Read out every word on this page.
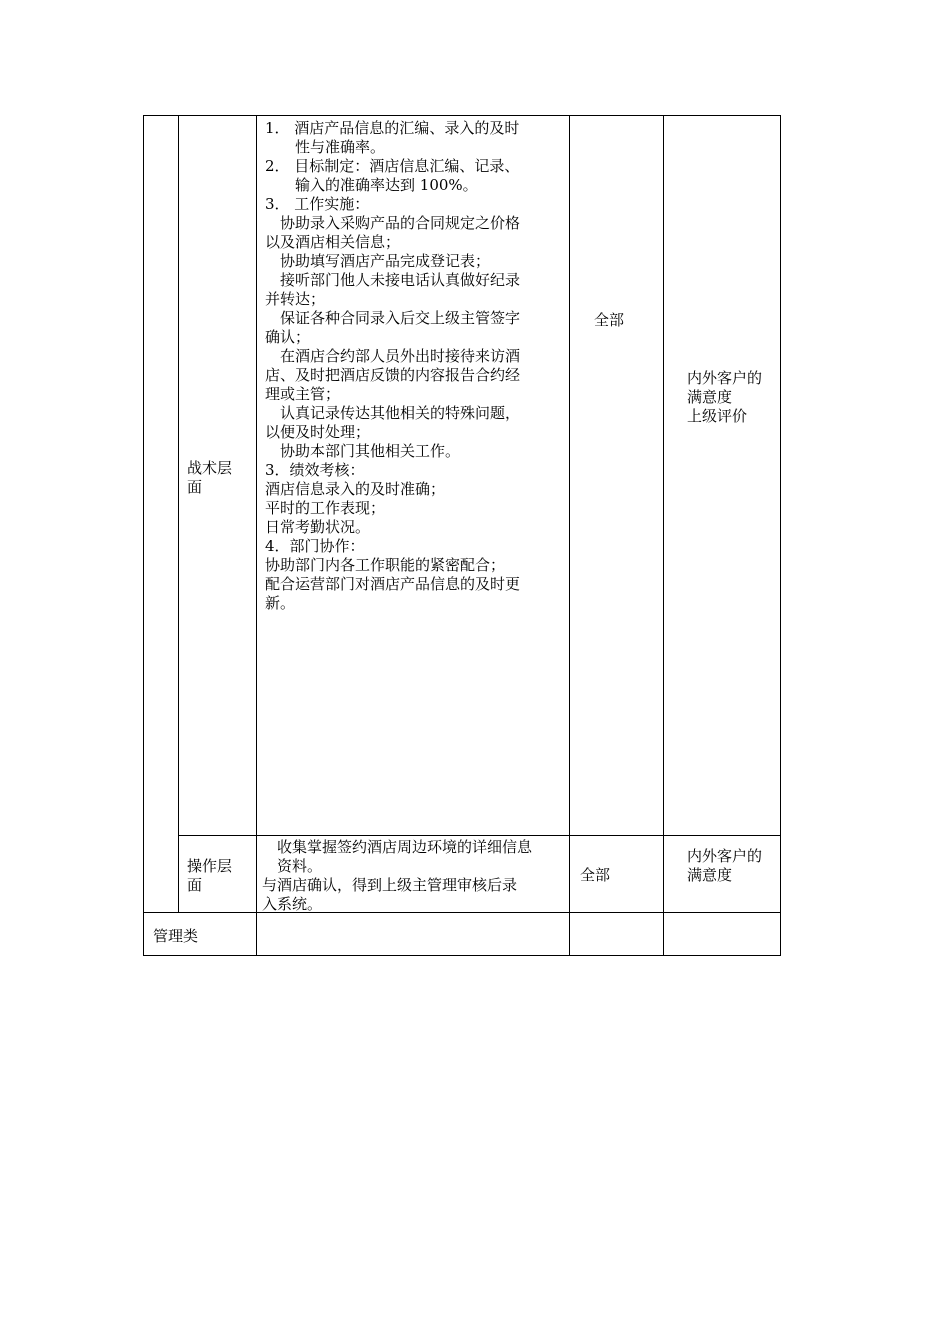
战术层
面
1． 酒店产品信息的汇编、录入的及时
　　性与准确率。
2． 目标制定：酒店信息汇编、记录、
　　输入的准确率达到 100%。
3． 工作实施：
　协助录入采购产品的合同规定之价格
以及酒店相关信息；
　协助填写酒店产品完成登记表；
　接听部门他人未接电话认真做好纪录
并转达；
　保证各种合同录入后交上级主管签字
确认；
　在酒店合约部人员外出时接待来访酒
店、及时把酒店反馈的内容报告合约经
理或主管；
　认真记录传达其他相关的特殊问题，
以便及时处理；
　协助本部门其他相关工作。
3．绩效考核：
酒店信息录入的及时准确；
平时的工作表现；
日常考勤状况。
4．部门协作：
协助部门内各工作职能的紧密配合；
配合运营部门对酒店产品信息的及时更
新。
全部
内外客户的
满意度
上级评价
操作层
面
　收集掌握签约酒店周边环境的详细信息
　资料。
与酒店确认，得到上级主管理审核后录
入系统。
全部
内外客户的
满意度
管理类
